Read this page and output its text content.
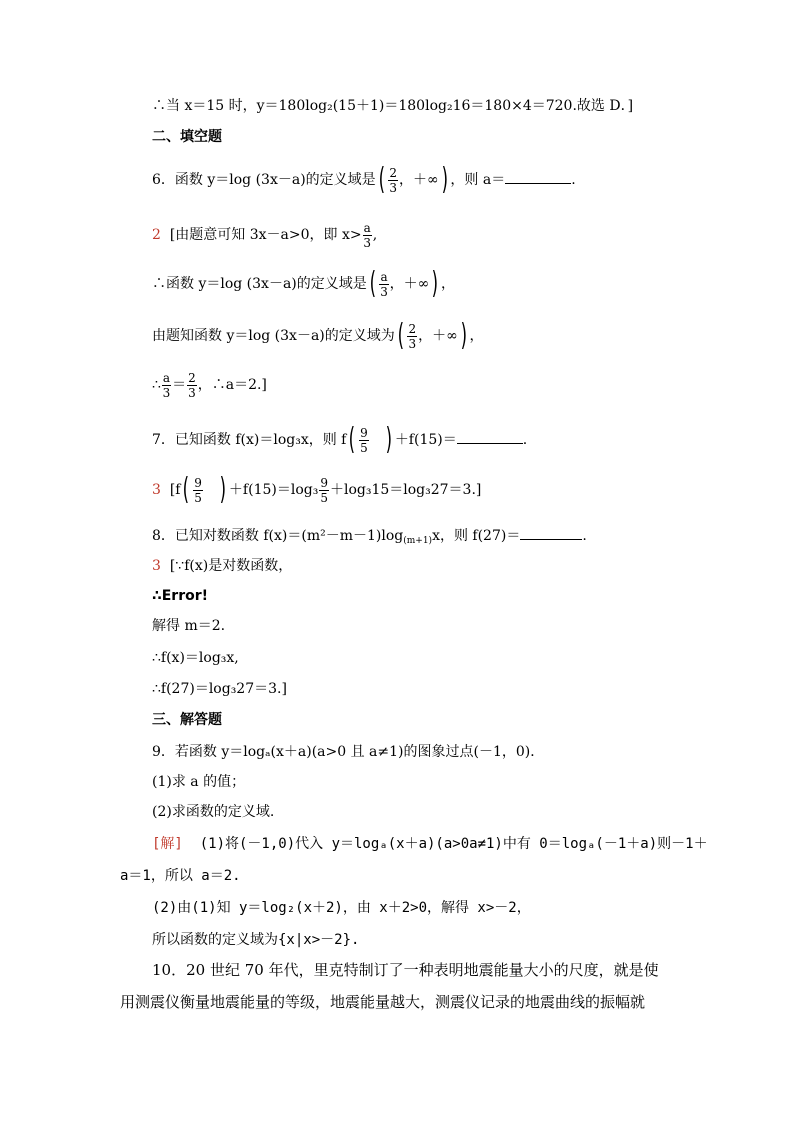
∴当 x＝15 时，y＝180log₂(15＋1)＝180log₂16＝180×4＝720.故选 D．]
二、填空题
6．函数 y＝log (3x－a)的定义域是( $\frac{2}{3}$ ，＋∞) ，则 a＝	.
2 [由题意可知 3x－a>0，即 $x> \frac{a}{3}$ ,
∴函数 y＝log (3x－a)的定义域是( $\frac{a}{3}$ ，＋∞) ，
由题知函数 y＝log (3x－a)的定义域为( $\frac{2}{3}$ ，＋∞) ，
∴ $\frac{a}{3} = \frac{2}{3}$ ，∴a＝2.]
7．已知函数 f(x)＝log₃x，则 $f( \frac{9}{5}$ ) ＋f(15)＝	.
3 [$f( \frac{9}{5}$ ) $+f(15)=\log_3 \frac{9}{5} +\log_315=\log_327=3$.]
8．已知对数函数 $f(x)=(m^2-m-1)\log_{(m+1)}x$，则 f(27)＝	.
3 [∵f(x)是对数函数，
∴Error!
解得 m＝2.
∴f(x)＝log₃x,
∴f(27)＝log₃27＝3.]
三、解答题
9．若函数 y＝logₐ(x＋a)(a>0 且 a≠1)的图象过点(－1，0)．
(1)求 a 的值；
(2)求函数的定义域.
[解] (1)将(－1,0)代入 y＝logₐ(x＋a)(a>0a≠1)中有 0＝logₐ(－1＋a)则－1＋
a＝1，所以 a＝2.
(2)由(1)知 y＝log₂(x＋2)，由 x＋2>0，解得 x>－2，
所以函数的定义域为{x|x>－2}.
10．20 世纪 70 年代，里克特制订了一种表明地震能量大小的尺度，就是使
用测震仪衡量地震能量的等级，地震能量越大，测震仪记录的地震曲线的振幅就
